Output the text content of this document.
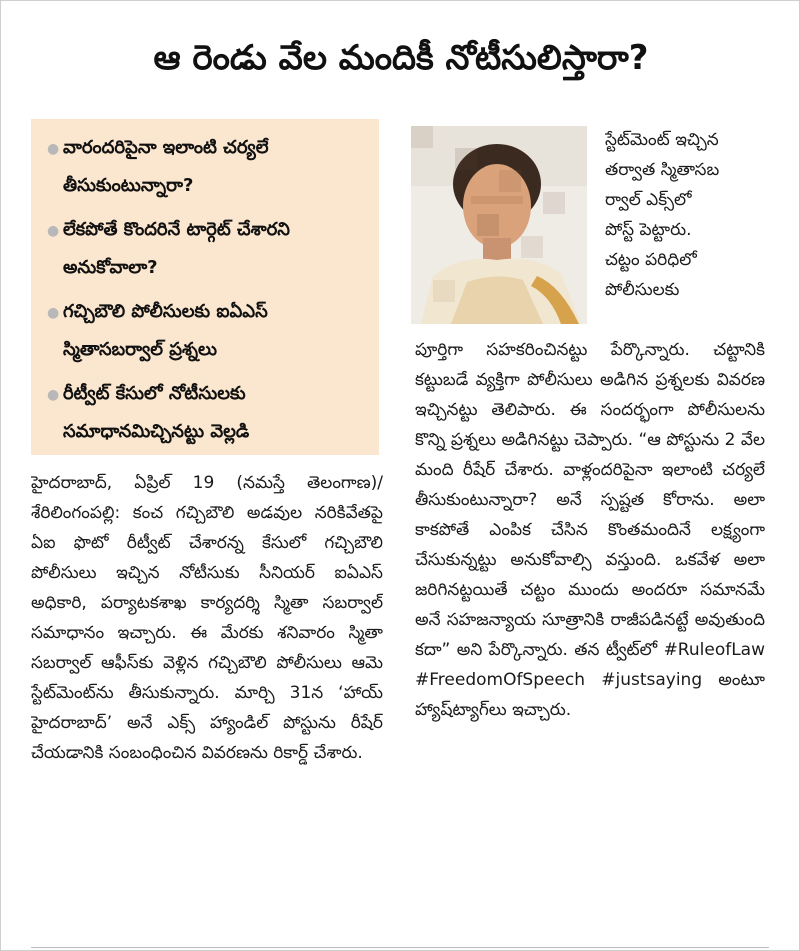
ఆ రెండు వేల మందికీ నోటీసులిస్తారా?
● వారందరిపైనా ఇలాంటి చర్యలే తీసుకుంటున్నారా?
● లేకపోతే కొందరినే టార్గెట్‌ చేశారని అనుకోవాలా?
● గచ్చిబౌలి పోలీసులకు ఐఏఎస్‌ స్మితాసబర్వాల్‌ ప్రశ్నలు
● రీట్వీట్‌ కేసులో నోటీసులకు సమాధానమిచ్చినట్టు వెల్లడి
హైదరాబాద్‌, ఏప్రిల్‌ 19 (నమస్తే తెలంగాణ)/శేరిలింగంపల్లి: కంచ గచ్చిబౌలి అడవుల నరికివేతపై ఏఐ ఫొటో రీట్వీట్‌ చేశారన్న కేసులో గచ్చిబౌలి పోలీసులు ఇచ్చిన నోటీసుకు సీనియర్‌ ఐఏఎస్‌ అధికారి, పర్యాటకశాఖ కార్యదర్శి స్మితా సబర్వాల్‌ సమాధానం ఇచ్చారు. ఈ మేరకు శనివారం స్మితా సబర్వాల్‌ ఆఫీస్‌కు వెళ్లిన గచ్చిబౌలి పోలీసులు ఆమె స్టేట్‌మెంట్‌ను తీసుకున్నారు. మార్చి 31న ‘హాయ్‌ హైదరాబాద్‌’ అనే ఎక్స్‌ హ్యాండిల్‌ పోస్టును రీషేర్‌ చేయడానికి సంబంధించిన వివరణను రికార్డ్‌ చేశారు.
స్టేట్‌మెంట్‌ ఇచ్చిన
తర్వాత స్మితాసబ
ర్వాల్‌ ఎక్స్‌లో
పోస్ట్‌ పెట్టారు.
చట్టం పరిధిలో
పోలీసులకు
పూర్తిగా సహకరించినట్టు పేర్కొన్నారు. చట్టానికి కట్టుబడే వ్యక్తిగా పోలీసులు అడిగిన ప్రశ్నలకు వివరణ ఇచ్చినట్టు తెలిపారు. ఈ సందర్భంగా పోలీసులను కొన్ని ప్రశ్నలు అడిగినట్టు చెప్పారు. “ఆ పోస్టును 2 వేల మంది రీషేర్‌ చేశారు. వాళ్లందరిపైనా ఇలాంటి చర్యలే తీసుకుంటున్నారా? అనే స్పష్టత కోరాను. అలా కాకపోతే ఎంపిక చేసిన కొంతమందినే లక్ష్యంగా చేసుకున్నట్టు అనుకోవాల్సి వస్తుంది. ఒకవేళ అలా జరిగినట్టయితే చట్టం ముందు అందరూ సమానమే అనే సహజన్యాయ సూత్రానికి రాజీపడినట్టే అవుతుంది కదా” అని పేర్కొన్నారు. తన ట్వీట్‌లో #RuleofLaw #FreedomOfSpeech #justsaying అంటూ హ్యాష్‌ట్యాగ్‌లు ఇచ్చారు.
